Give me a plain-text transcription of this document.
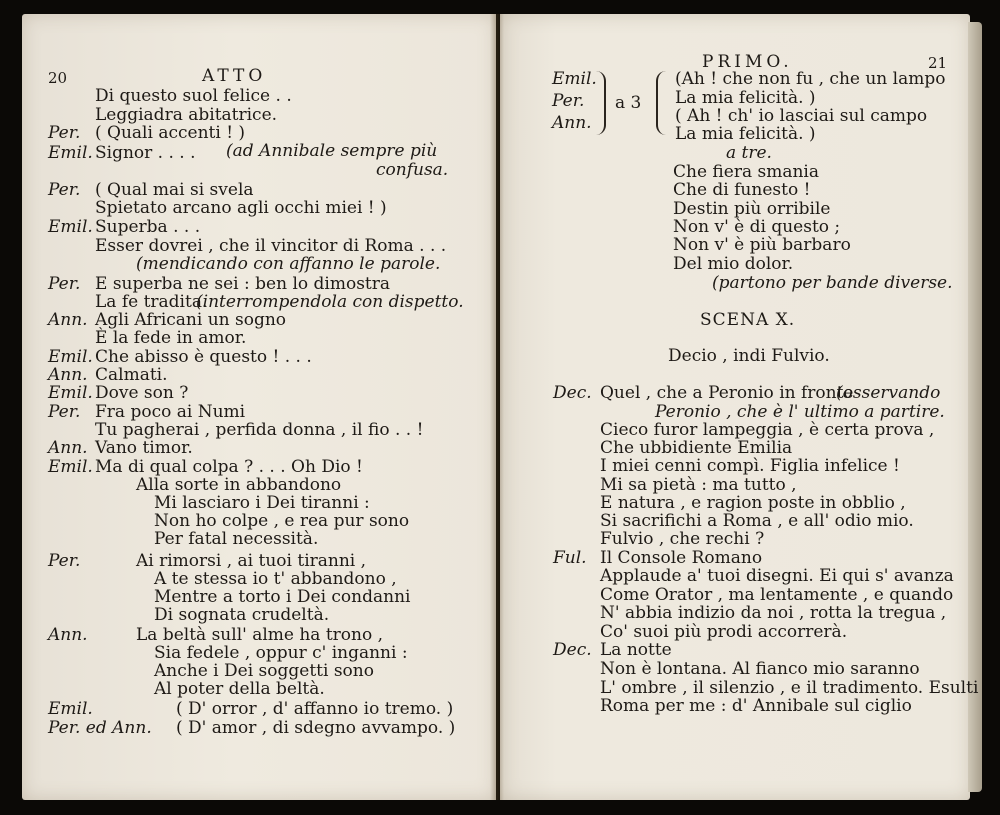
20	ATTO
Di questo suol felice . .
Leggiadra abitatrice.
Per. ( Quali accenti ! )
Emil. Signor . . . . (ad Annibale sempre più
confusa.
Per. ( Qual mai si svela
Spietato arcano agli occhi miei ! )
Emil. Superba . . .
Esser dovrei , che il vincitor di Roma . . .
(mendicando con affanno le parole.
Per. E superba ne sei : ben lo dimostra
La fe tradita.
(interrompendola con dispetto.
Ann. Agli Africani un sogno
È la fede in amor.
Emil. Che abisso è questo ! . . .
Ann. Calmati.
Emil. Dove son ?
Per. Fra poco ai Numi
Tu pagherai , perfida donna , il fio . . !
Ann. Vano timor.
Emil. Ma di qual colpa ? . . . Oh Dio !
Alla sorte in abbandono
Mi lasciaro i Dei tiranni :
Non ho colpe , e rea pur sono
Per fatal necessità.
Per.	Ai rimorsi , ai tuoi tiranni ,
A te stessa io t' abbandono ,
Mentre a torto i Dei condanni
Di sognata crudeltà.
Ann.	La beltà sull' alme ha trono ,
Sia fedele , oppur c' inganni :
Anche i Dei soggetti sono
Al poter della beltà.
Emil.	( D' orror , d' affanno io tremo. )
Per. ed Ann. ( D' amor , di sdegno avvampo. )
PRIMO.	21
Emil.
Per.
Ann.
a 3
(Ah ! che non fu , che un lampo
La mia felicità. )
( Ah ! ch' io lasciai sul campo
La mia felicità. )
a tre.
Che fiera smania
Che di funesto !
Destin più orribile
Non v' è di questo ;
Non v' è più barbaro
Del mio dolor.
(partono per bande diverse.
SCENA X.
Decio , indi Fulvio.
Dec. Quel , che a Peronio in fronte
(osservando
Peronio , che è l' ultimo a partire.
Cieco furor lampeggia , è certa prova ,
Che ubbidiente Emilia
I miei cenni compì. Figlia infelice !
Mi sa pietà : ma tutto ,
E natura , e ragion poste in obblio ,
Si sacrifichi a Roma , e all' odio mio.
Fulvio , che rechi ?
Ful. Il Console Romano
Applaude a' tuoi disegni. Ei qui s' avanza
Come Orator , ma lentamente , e quando
N' abbia indizio da noi , rotta la tregua ,
Co' suoi più prodi accorrerà.
Dec. La notte
Non è lontana. Al fianco mio saranno
L' ombre , il silenzio , e il tradimento. Esulti
Roma per me : d' Annibale sul ciglio
